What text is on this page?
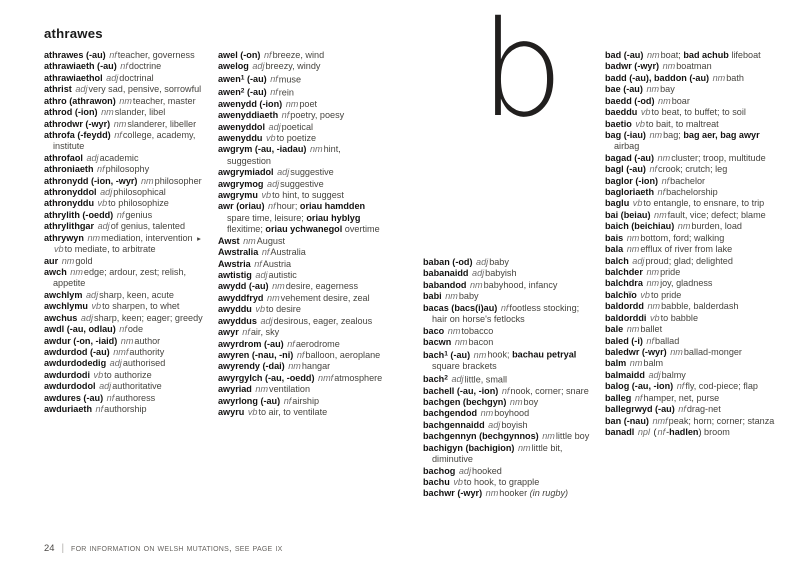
athrawes	b

athrawes (-au) nfteacher, governess

athrawiaeth (-au) nfdoctrine

athrawiaethol adjdoctrinal

athrist adjvery sad, pensive, sorrowful

athro (athrawon) nmteacher, master

athrod (-ion) nmslander, libel

athrodwr (-wyr) nmslanderer, libeller

athrofa (-feydd) nfcollege, academy, institute

athrofaol adjacademic

athroniaeth nfphilosophy

athronydd (-ion, -wyr) nmphilosopher

athronyddol adjphilosophical

athronyddu vbto philosophize

athrylith (-oedd) nfgenius

athrylithgar adjof genius, talented

athrywyn nmmediation, intervention ▸ vbto mediate, to arbitrate

aur nmgold

awch nmedge; ardour, zest; relish, appetite

awchlym adjsharp, keen, acute

awchlymu vbto sharpen, to whet

awchus adjsharp, keen; eager; greedy

awdl (-au, odlau) nfode

awdur (-on, -iaid) nmauthor

awdurdod (-au) nmfauthority

awdurdodedig adjauthorised

awdurdodi vbto authorize

awdurdodol adjauthoritative

awdures (-au) nfauthoress

awduriaeth nfauthorship

awel (-on) nfbreeze, wind

awelog adjbreezy, windy

awen$^1$ (-au) nfmuse

awen$^2$ (-au) nfrein

awenydd (-ion) nmpoet

awenyddiaeth nfpoetry, poesy

awenyddol adjpoetical

awenyddu vbto poetize

awgrym (-au, -iadau) nmhint, suggestion

awgrymiadol adjsuggestive

awgrymog adjsuggestive

awgrymu vbto hint, to suggest

awr (oriau) nfhour; oriau hamdden spare time, leisure; oriau hyblyg flexitime; oriau ychwanegol overtime

Awst nmAugust

Awstralia nfAustralia

Awstria nfAustria

awtistig adjautistic

awydd (-au) nmdesire, eagerness

awyddfryd nmvehement desire, zeal

awyddu vbto desire

awyddus adjdesirous, eager, zealous

awyr nfair, sky

awyrdrom (-au) nfaerodrome

awyren (-nau, -ni) nfballoon, aeroplane

awyrendy (-dai) nmhangar

awyrgylch (-au, -oedd) nmfatmosphere

awyriad nmventilation

awyrlong (-au) nfairship

awyru vbto air, to ventilate

baban (-od) adjbaby

babanaidd adjbabyish

babandod nmbabyhood, infancy

babi nmbaby

bacas (bacs(i)au) nffootless stocking; hair on horse's fetlocks

baco nmtobacco

bacwn nmbacon

bach$^1$ (-au) nmhook; bachau petryal square brackets

bach$^2$ adjlittle, small

bachell (-au, -ion) nfnook, corner; snare

bachgen (bechgyn) nmboy

bachgendod nmboyhood

bachgennaidd adjboyish

bachgennyn (bechgynnos) nmlittle boy

bachigyn (bachigion) nmlittle bit, diminutive

bachog adjhooked

bachu vbto hook, to grapple

bachwr (-wyr) nmhooker (in rugby)

bad (-au) nmboat; bad achub lifeboat

badwr (-wyr) nmboatman

badd (-au), baddon (-au) nmbath

bae (-au) nmbay

baedd (-od) nmboar

baeddu vbto beat, to buffet; to soil

baetio vbto bait, to maltreat

bag (-iau) nmbag; bag aer, bag awyr airbag

bagad (-au) nmcluster; troop, multitude

bagl (-au) nfcrook; crutch; leg

baglor (-ion) nfbachelor

bagloriaeth nfbachelorship

baglu vbto entangle, to ensnare, to trip

bai (beiau) nmfault, vice; defect; blame

baich (beichiau) nmburden, load

bais nmbottom, ford; walking

bala nmefflux of river from lake

balch adjproud; glad; delighted

balchder nmpride

balchdra nmjoy, gladness

balchïo vbto pride

baldordd nmbabble, balderdash

baldorddi vbto babble

bale nmballet

baled (-i) nfballad

baledwr (-wyr) nmballad-monger

balm nmbalm

balmaidd adjbalmy

balog (-au, -ion) nffly, cod-piece; flap

balleg nfhamper, net, purse

ballegrwyd (-au) nfdrag-net

ban (-nau) nmfpeak; horn; corner; stanza

banadl npl (nf-hadlen) broom

24 | for information on welsh mutations, see page ix
